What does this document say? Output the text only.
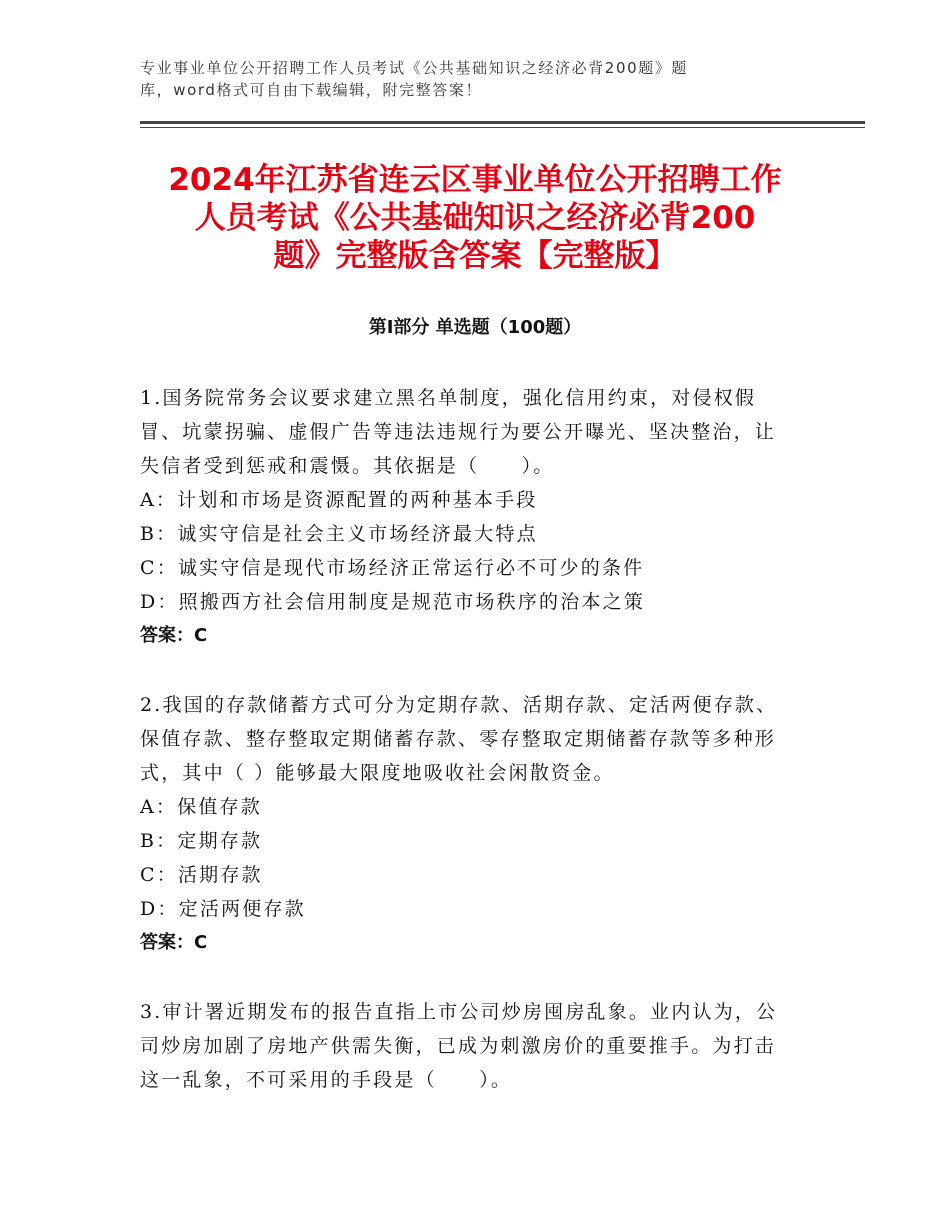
专业事业单位公开招聘工作人员考试《公共基础知识之经济必背200题》题
库，word格式可自由下载编辑，附完整答案！
2024年江苏省连云区事业单位公开招聘工作
人员考试《公共基础知识之经济必背200
题》完整版含答案【完整版】
第Ⅰ部分 单选题（100题）
1.国务院常务会议要求建立黑名单制度，强化信用约束，对侵权假
冒、坑蒙拐骗、虚假广告等违法违规行为要公开曝光、坚决整治，让
失信者受到惩戒和震慑。其依据是（　　）。
A：计划和市场是资源配置的两种基本手段
B：诚实守信是社会主义市场经济最大特点
C：诚实守信是现代市场经济正常运行必不可少的条件
D：照搬西方社会信用制度是规范市场秩序的治本之策
答案：C
2.我国的存款储蓄方式可分为定期存款、活期存款、定活两便存款、
保值存款、整存整取定期储蓄存款、零存整取定期储蓄存款等多种形
式，其中（ ）能够最大限度地吸收社会闲散资金。
A：保值存款
B：定期存款
C：活期存款
D：定活两便存款
答案：C
3.审计署近期发布的报告直指上市公司炒房囤房乱象。业内认为，公
司炒房加剧了房地产供需失衡，已成为刺激房价的重要推手。为打击
这一乱象，不可采用的手段是（　　）。
